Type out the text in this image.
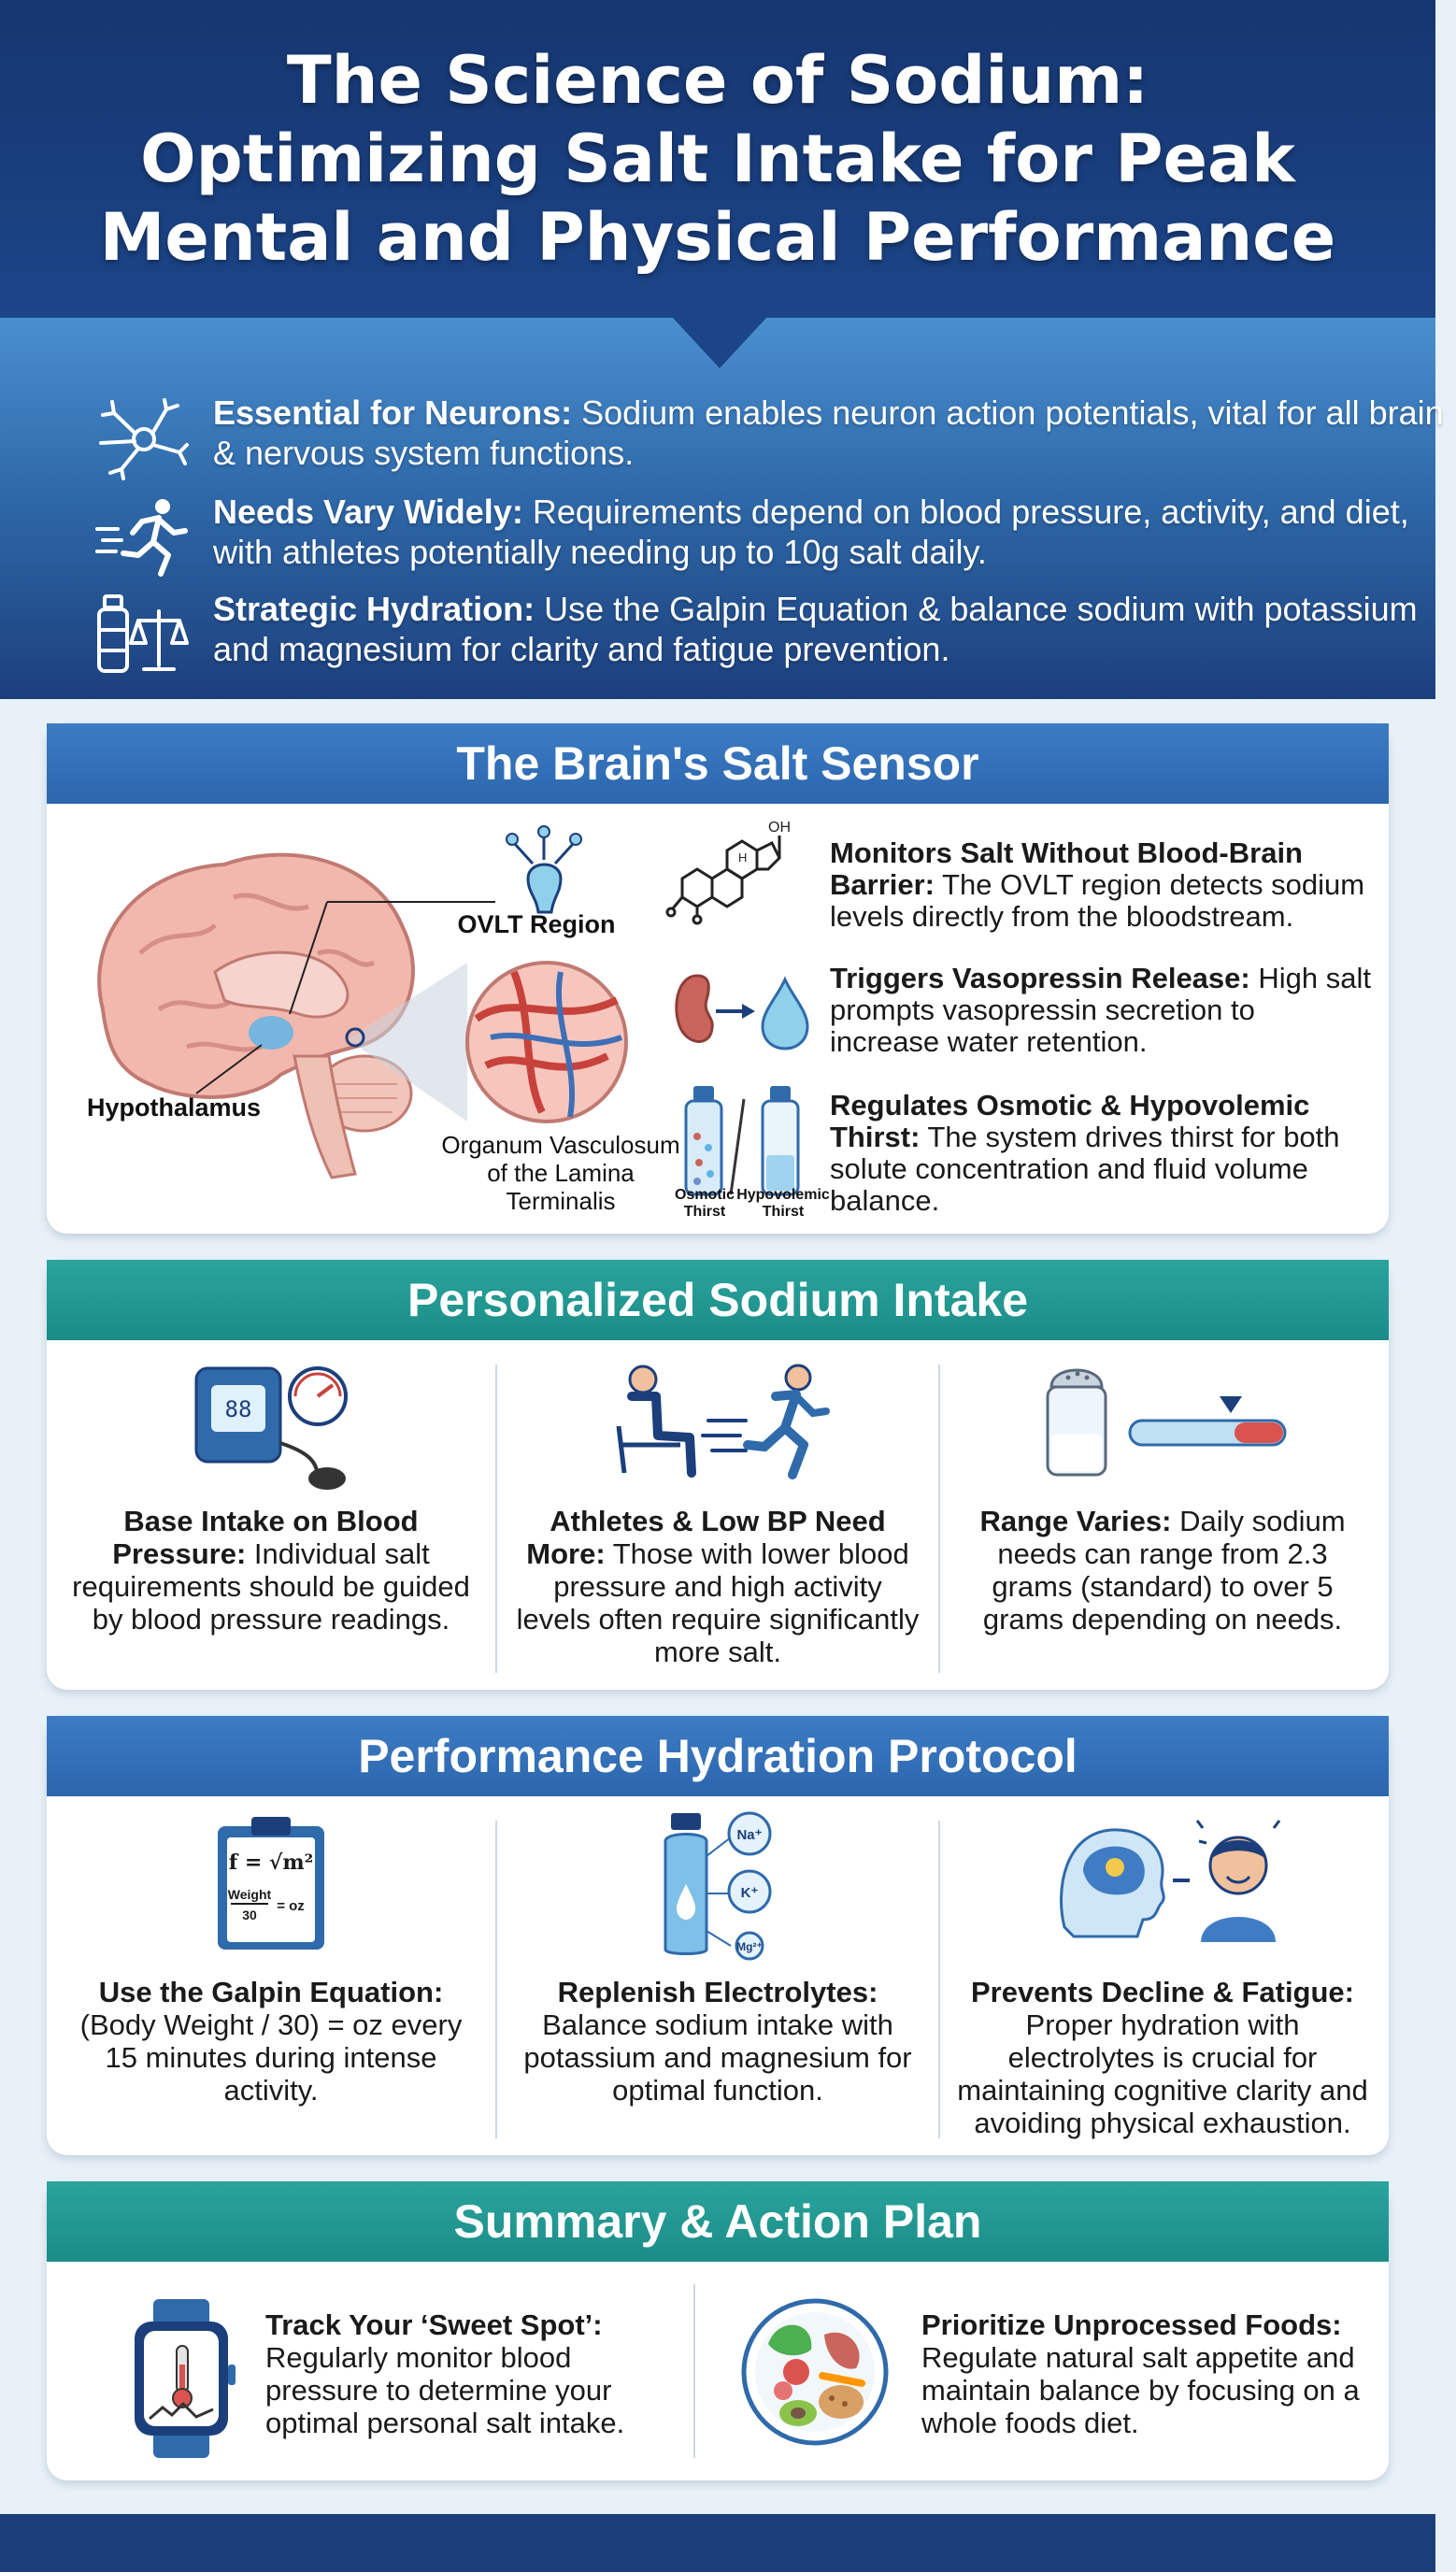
The Science of Sodium:
Optimizing Salt Intake for Peak
Mental and Physical Performance
Essential for Neurons: Sodium enables neuron action potentials, vital for all brain & nervous system functions.
Needs Vary Widely: Requirements depend on blood pressure, activity, and diet, with athletes potentially needing up to 10g salt daily.
Strategic Hydration: Use the Galpin Equation & balance sodium with potassium and magnesium for clarity and fatigue prevention.
The Brain's Salt Sensor
OVLT Region
Hypothalamus
Organum Vasculosum
of the Lamina
Terminalis
OH
H
Osmotic
Thirst
Hypovolemic
Thirst
Monitors Salt Without Blood-Brain Barrier: The OVLT region detects sodium levels directly from the bloodstream.
Triggers Vasopressin Release: High salt prompts vasopressin secretion to increase water retention.
Regulates Osmotic & Hypovolemic Thirst: The system drives thirst for both solute concentration and fluid volume balance.
Personalized Sodium Intake
88
Base Intake on Blood Pressure: Individual salt requirements should be guided by blood pressure readings.
Athletes & Low BP Need More: Those with lower blood pressure and high activity levels often require significantly more salt.
Range Varies: Daily sodium needs can range from 2.3 grams (standard) to over 5 grams depending on needs.
Performance Hydration Protocol
f = √m²
Weight
30
= oz
Use the Galpin Equation: (Body Weight / 30) = oz every 15 minutes during intense activity.
Na⁺
K⁺
Mg²⁺
Replenish Electrolytes: Balance sodium intake with potassium and magnesium for optimal function.
Prevents Decline & Fatigue: Proper hydration with electrolytes is crucial for maintaining cognitive clarity and avoiding physical exhaustion.
Summary & Action Plan
Track Your ‘Sweet Spot’: Regularly monitor blood pressure to determine your optimal personal salt intake.
Prioritize Unprocessed Foods: Regulate natural salt appetite and maintain balance by focusing on a whole foods diet.
